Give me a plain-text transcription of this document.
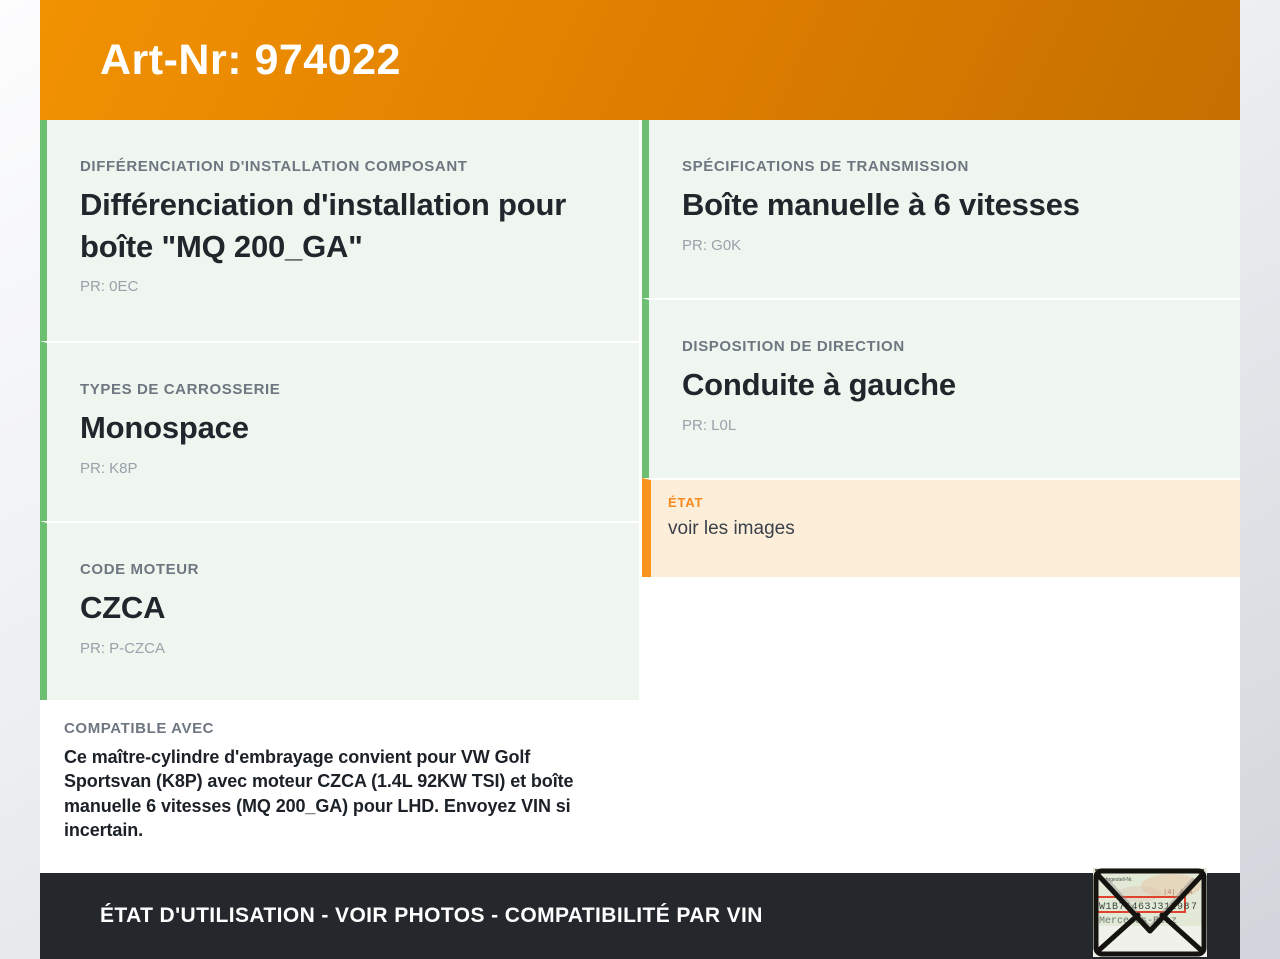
Art-Nr: 974022
DIFFÉRENCIATION D'INSTALLATION COMPOSANT
Différenciation d'installation pour boîte "MQ 200_GA"
PR: 0EC
TYPES DE CARROSSERIE
Monospace
PR: K8P
CODE MOTEUR
CZCA
PR: P-CZCA
COMPATIBLE AVEC
Ce maître-cylindre d'embrayage convient pour VW Golf Sportsvan (K8P) avec moteur CZCA (1.4L 92KW TSI) et boîte manuelle 6 vitesses (MQ 200_GA) pour LHD. Envoyez VIN si incertain.
SPÉCIFICATIONS DE TRANSMISSION
Boîte manuelle à 6 vitesses
PR: G0K
DISPOSITION DE DIRECTION
Conduite à gauche
PR: L0L
ÉTAT
voir les images
ÉTAT D'UTILISATION - VOIR PHOTOS - COMPATIBILITÉ PAR VIN
Fahrgestell-Nr.
|4| AiA
W1B71463J31298 7
Mercedes-Benz
